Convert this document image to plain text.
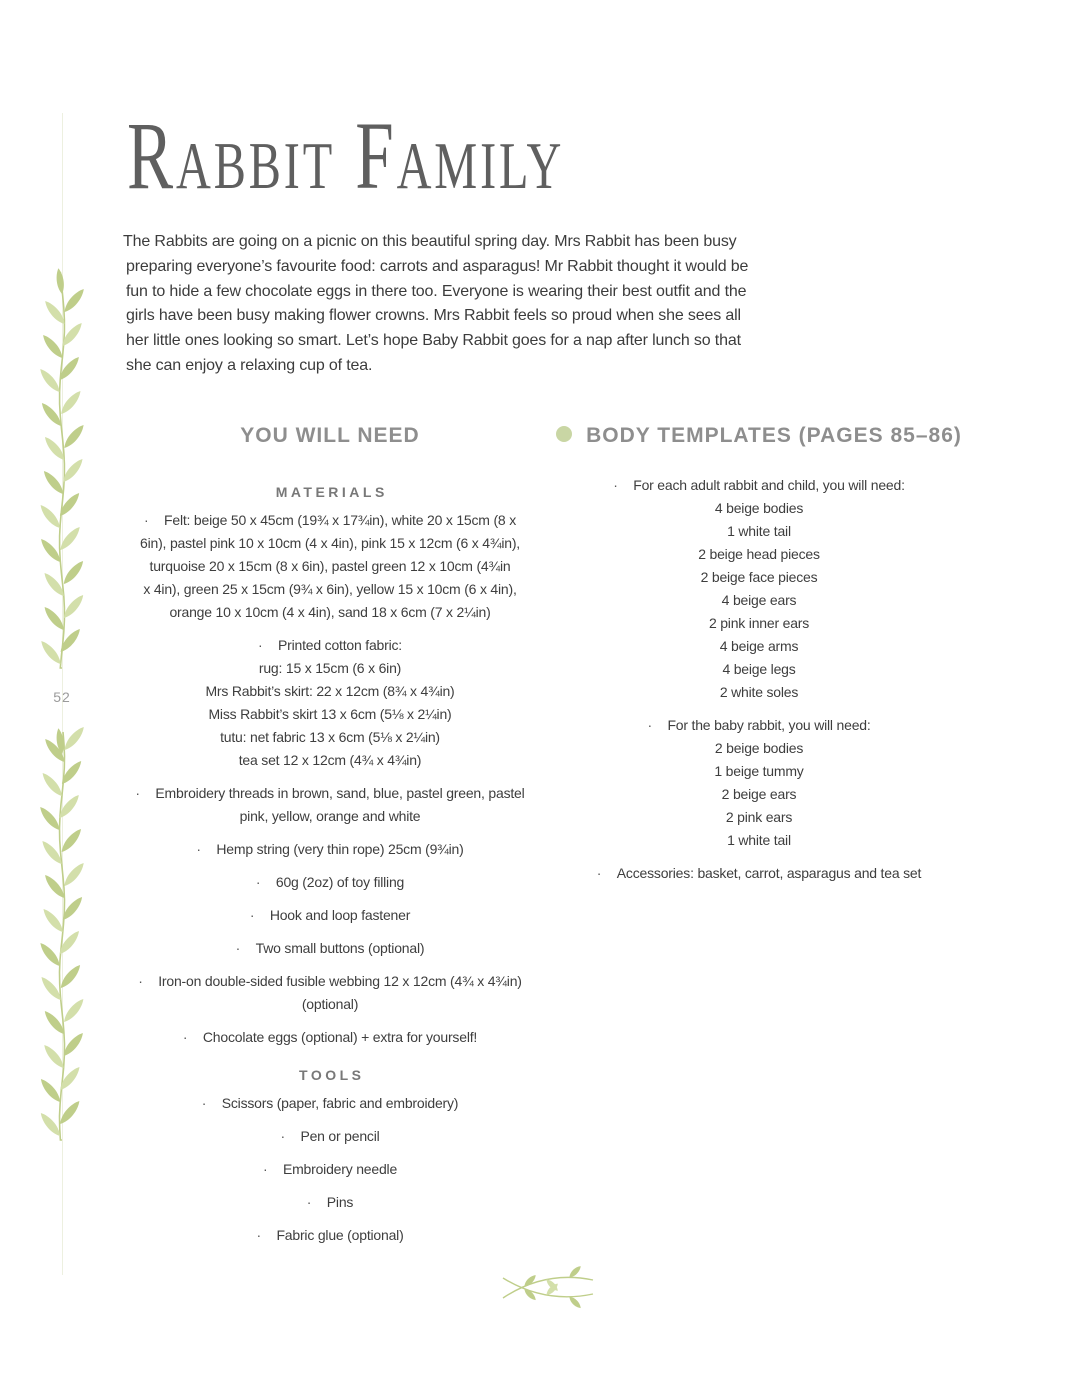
52
Rabbit Family
The Rabbits are going on a picnic on this beautiful spring day. Mrs Rabbit has been busy
preparing everyone’s favourite food: carrots and asparagus! Mr Rabbit thought it would be
fun to hide a few chocolate eggs in there too. Everyone is wearing their best outfit and the
girls have been busy making flower crowns. Mrs Rabbit feels so proud when she sees all
her little ones looking so smart. Let’s hope Baby Rabbit goes for a nap after lunch so that
she can enjoy a relaxing cup of tea.
YOU WILL NEED
MATERIALS
· Felt: beige 50 x 45cm (19¾ x 17¾in), white 20 x 15cm (8 x
6in), pastel pink 10 x 10cm (4 x 4in), pink 15 x 12cm (6 x 4¾in),
turquoise 20 x 15cm (8 x 6in), pastel green 12 x 10cm (4¾in
x 4in), green 25 x 15cm (9¾ x 6in), yellow 15 x 10cm (6 x 4in),
orange 10 x 10cm (4 x 4in), sand 18 x 6cm (7 x 2¼in)
· Printed cotton fabric:
rug: 15 x 15cm (6 x 6in)
Mrs Rabbit’s skirt: 22 x 12cm (8¾ x 4¾in)
Miss Rabbit’s skirt 13 x 6cm (5⅛ x 2¼in)
tutu: net fabric 13 x 6cm (5⅛ x 2¼in)
tea set 12 x 12cm (4¾ x 4¾in)
· Embroidery threads in brown, sand, blue, pastel green, pastel
pink, yellow, orange and white
· Hemp string (very thin rope) 25cm (9¾in)
· 60g (2oz) of toy filling
· Hook and loop fastener
· Two small buttons (optional)
· Iron-on double-sided fusible webbing 12 x 12cm (4¾ x 4¾in)
(optional)
· Chocolate eggs (optional) + extra for yourself!
TOOLS
· Scissors (paper, fabric and embroidery)
· Pen or pencil
· Embroidery needle
· Pins
· Fabric glue (optional)
BODY TEMPLATES (PAGES 85–86)
· For each adult rabbit and child, you will need:
4 beige bodies
1 white tail
2 beige head pieces
2 beige face pieces
4 beige ears
2 pink inner ears
4 beige arms
4 beige legs
2 white soles
· For the baby rabbit, you will need:
2 beige bodies
1 beige tummy
2 beige ears
2 pink ears
1 white tail
· Accessories: basket, carrot, asparagus and tea set
